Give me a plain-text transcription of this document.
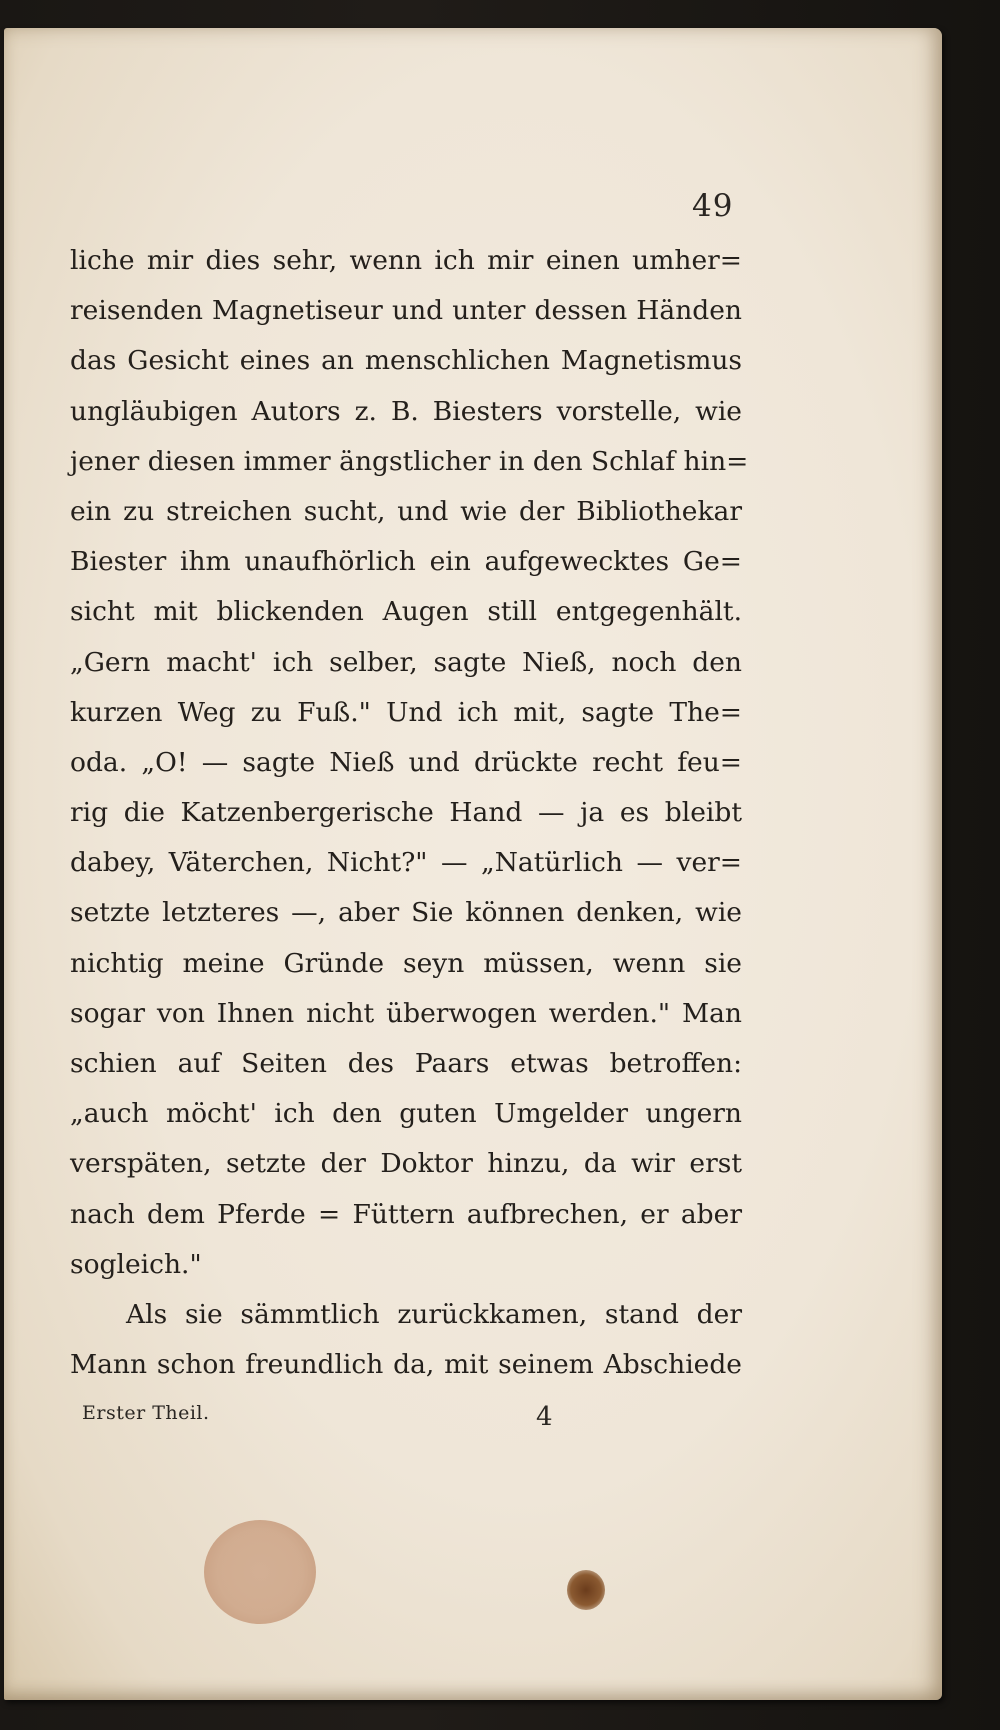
49
liche mir dies sehr, wenn ich mir einen umher=
reisenden Magnetiseur und unter dessen Händen
das Gesicht eines an menschlichen Magnetismus
ungläubigen Autors z. B. Biesters vorstelle, wie
jener diesen immer ängstlicher in den Schlaf hin=
ein zu streichen sucht, und wie der Bibliothekar
Biester ihm unaufhörlich ein aufgewecktes Ge=
sicht mit blickenden Augen still entgegenhält.
„Gern macht' ich selber, sagte Nieß, noch den
kurzen Weg zu Fuß." Und ich mit, sagte The=
oda. „O! — sagte Nieß und drückte recht feu=
rig die Katzenbergerische Hand — ja es bleibt
dabey, Väterchen, Nicht?" — „Natürlich — ver=
setzte letzteres —, aber Sie können denken, wie
nichtig meine Gründe seyn müssen, wenn sie
sogar von Ihnen nicht überwogen werden." Man
schien auf Seiten des Paars etwas betroffen:
„auch möcht' ich den guten Umgelder ungern
verspäten, setzte der Doktor hinzu, da wir erst
nach dem Pferde = Füttern aufbrechen, er aber
sogleich."
Als sie sämmtlich zurückkamen, stand der
Mann schon freundlich da, mit seinem Abschiede
Erster Theil.	4
